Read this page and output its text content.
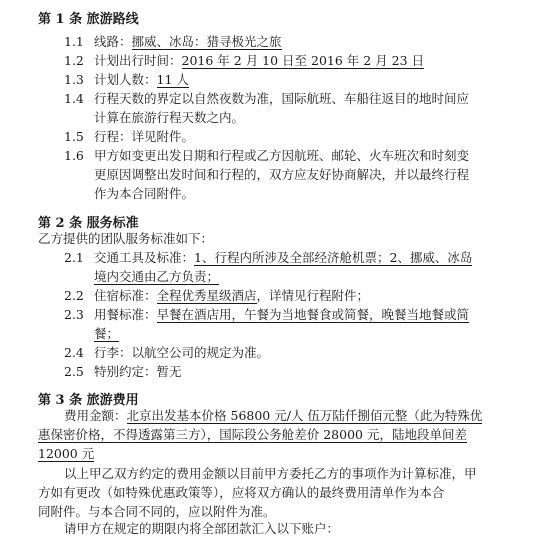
第 1 条 旅游路线
1.1 线路：挪威、冰岛：猎寻极光之旅
1.2 计划出行时间：2016 年 2 月 10 日至 2016 年 2 月 23 日
1.3 计划人数：11 人
1.4 行程天数的界定以自然夜数为准，国际航班、车船往返目的地时间应
计算在旅游行程天数之内。
1.5 行程：详见附件。
1.6 甲方如变更出发日期和行程或乙方因航班、邮轮、火车班次和时刻变
更原因调整出发时间和行程的，双方应友好协商解决，并以最终行程
作为本合同附件。
第 2 条 服务标准
乙方提供的团队服务标准如下：
2.1 交通工具及标准：1、行程内所涉及全部经济舱机票；2、挪威、冰岛
境内交通由乙方负责；
2.2 住宿标准：全程优秀星级酒店，详情见行程附件；
2.3 用餐标准：早餐在酒店用，午餐为当地餐食或简餐，晚餐当地餐或简
餐；
2.4 行李：以航空公司的规定为准。
2.5 特别约定：暂无
第 3 条 旅游费用
费用金额：北京出发基本价格 56800 元/人 伍万陆仟捌佰元整（此为特殊优
惠保密价格，不得透露第三方），国际段公务舱差价 28000 元，陆地段单间差
12000 元
以上甲乙双方约定的费用金额以目前甲方委托乙方的事项作为计算标准，甲
方如有更改（如特殊优惠政策等），应将双方确认的最终费用清单作为本合
同附件。与本合同不同的，应以附件为准。
请甲方在规定的期限内将全部团款汇入以下账户：
